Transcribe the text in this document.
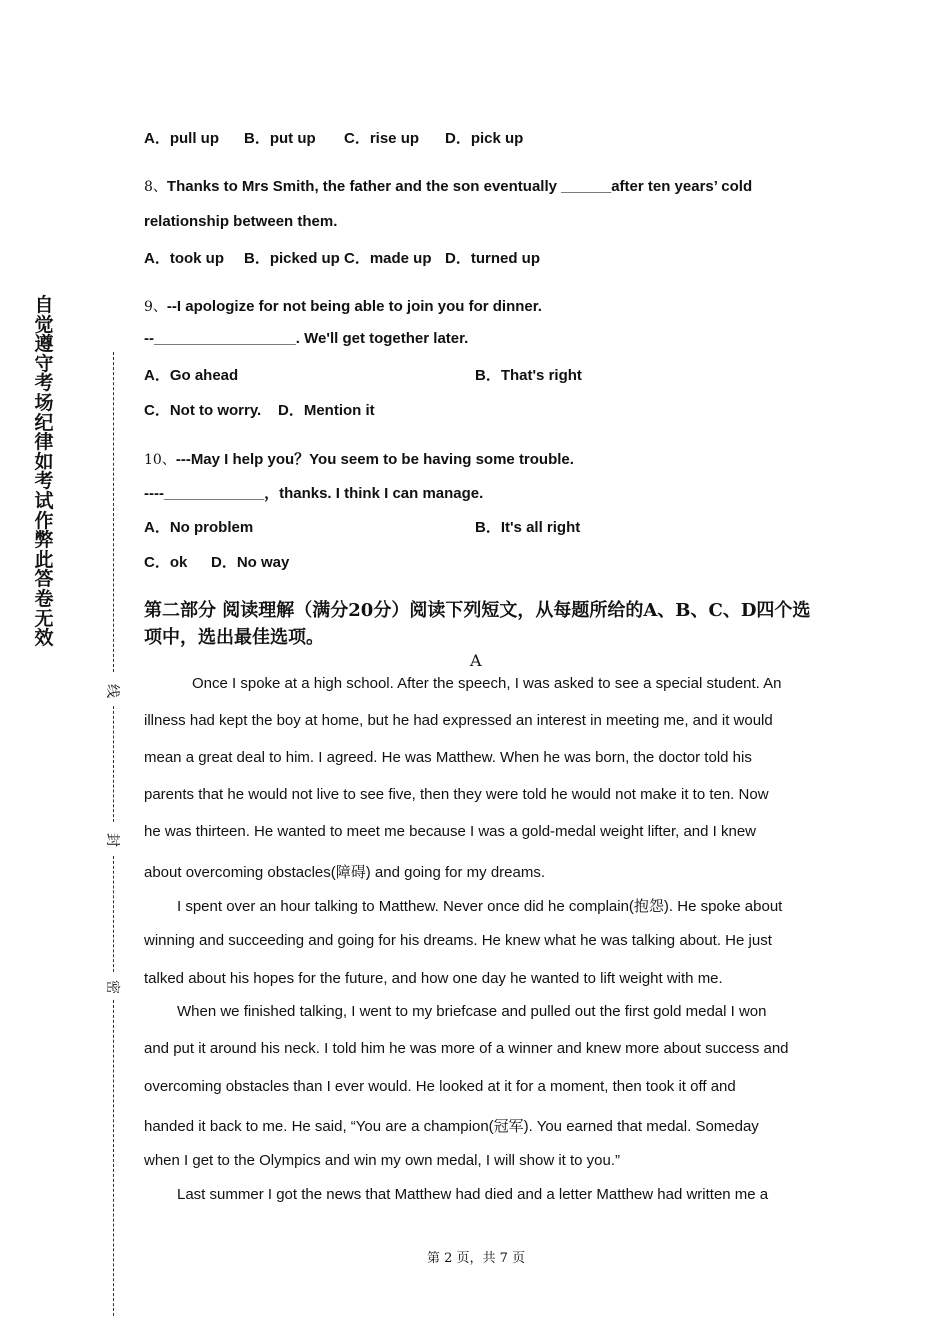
自觉遵守考场纪律如考试作弊此答卷无效
线
封
密
A．pull up B．put up C．rise up D．pick up
8、Thanks to Mrs Smith, the father and the son eventually ______after ten years’ cold
relationship between them.
A．took up B．picked up C．made up D．turned up
9、--I apologize for not being able to join you for dinner.
--_________________. We'll get together later.
A．Go ahead	B．That's right
C．Not to worry. D．Mention it
10、---May I help you？You seem to be having some trouble.
----____________，thanks. I think I can manage.
A．No problem	B．It's all right
C．ok D．No way
第二部分 阅读理解（满分20分）阅读下列短文，从每题所给的A、B、C、D四个选项中，选出最佳选项。
A
Once I spoke at a high school. After the speech, I was asked to see a special student. An
illness had kept the boy at home, but he had expressed an interest in meeting me, and it would
mean a great deal to him. I agreed. He was Matthew. When he was born, the doctor told his
parents that he would not live to see five, then they were told he would not make it to ten. Now
he was thirteen. He wanted to meet me because I was a gold-medal weight lifter, and I knew
about overcoming obstacles(障碍) and going for my dreams.
I spent over an hour talking to Matthew. Never once did he complain(抱怨). He spoke about
winning and succeeding and going for his dreams. He knew what he was talking about. He just
talked about his hopes for the future, and how one day he wanted to lift weight with me.
When we finished talking, I went to my briefcase and pulled out the first gold medal I won
and put it around his neck. I told him he was more of a winner and knew more about success and
overcoming obstacles than I ever would. He looked at it for a moment, then took it off and
handed it back to me. He said, “You are a champion(冠军). You earned that medal. Someday
when I get to the Olympics and win my own medal, I will show it to you.”
Last summer I got the news that Matthew had died and a letter Matthew had written me a
第 2 页，共 7 页
